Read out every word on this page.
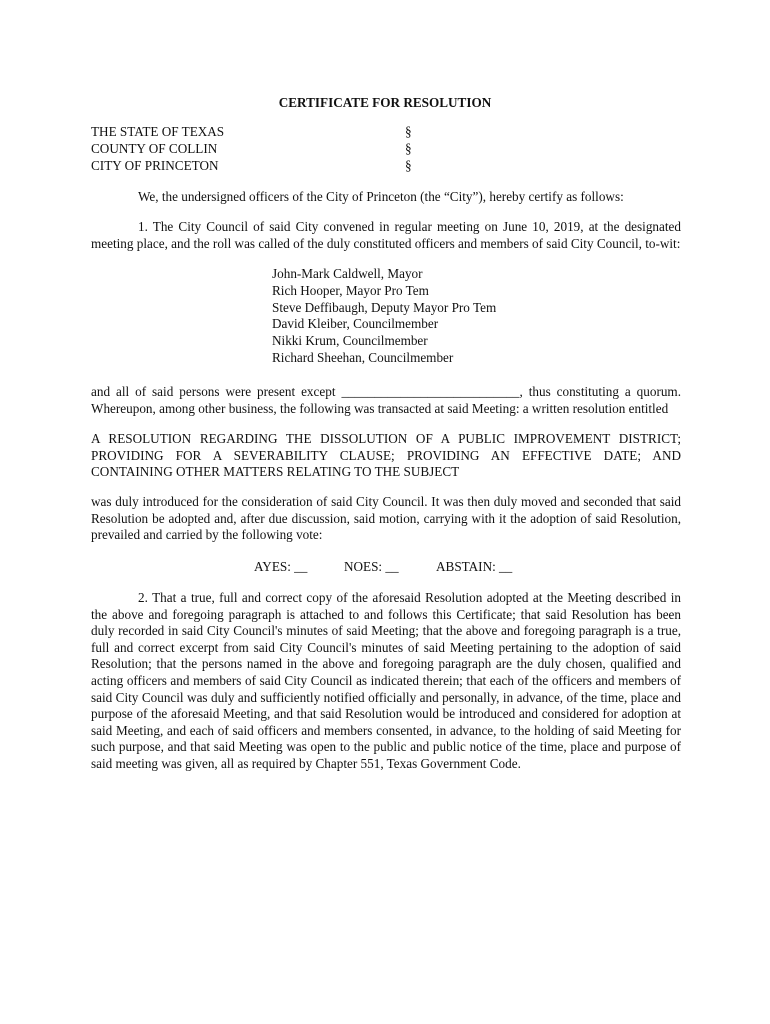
CERTIFICATE FOR RESOLUTION
THE STATE OF TEXAS	§
COUNTY OF COLLIN	§
CITY OF PRINCETON	§
We, the undersigned officers of the City of Princeton (the “City”), hereby certify as follows:
1. The City Council of said City convened in regular meeting on June 10, 2019, at the designated meeting place, and the roll was called of the duly constituted officers and members of said City Council, to-wit:
John-Mark Caldwell, Mayor
Rich Hooper, Mayor Pro Tem
Steve Deffibaugh, Deputy Mayor Pro Tem
David Kleiber, Councilmember
Nikki Krum, Councilmember
Richard Sheehan, Councilmember
and all of said persons were present except ___________________________, thus constituting a quorum. Whereupon, among other business, the following was transacted at said Meeting: a written resolution entitled
A RESOLUTION REGARDING THE DISSOLUTION OF A PUBLIC IMPROVEMENT DISTRICT; PROVIDING FOR A SEVERABILITY CLAUSE; PROVIDING AN EFFECTIVE DATE; AND CONTAINING OTHER MATTERS RELATING TO THE SUBJECT
was duly introduced for the consideration of said City Council. It was then duly moved and seconded that said Resolution be adopted and, after due discussion, said motion, carrying with it the adoption of said Resolution, prevailed and carried by the following vote:
AYES: __	NOES: __	ABSTAIN: __
2. That a true, full and correct copy of the aforesaid Resolution adopted at the Meeting described in the above and foregoing paragraph is attached to and follows this Certificate; that said Resolution has been duly recorded in said City Council's minutes of said Meeting; that the above and foregoing paragraph is a true, full and correct excerpt from said City Council's minutes of said Meeting pertaining to the adoption of said Resolution; that the persons named in the above and foregoing paragraph are the duly chosen, qualified and acting officers and members of said City Council as indicated therein; that each of the officers and members of said City Council was duly and sufficiently notified officially and personally, in advance, of the time, place and purpose of the aforesaid Meeting, and that said Resolution would be introduced and considered for adoption at said Meeting, and each of said officers and members consented, in advance, to the holding of said Meeting for such purpose, and that said Meeting was open to the public and public notice of the time, place and purpose of said meeting was given, all as required by Chapter 551, Texas Government Code.
